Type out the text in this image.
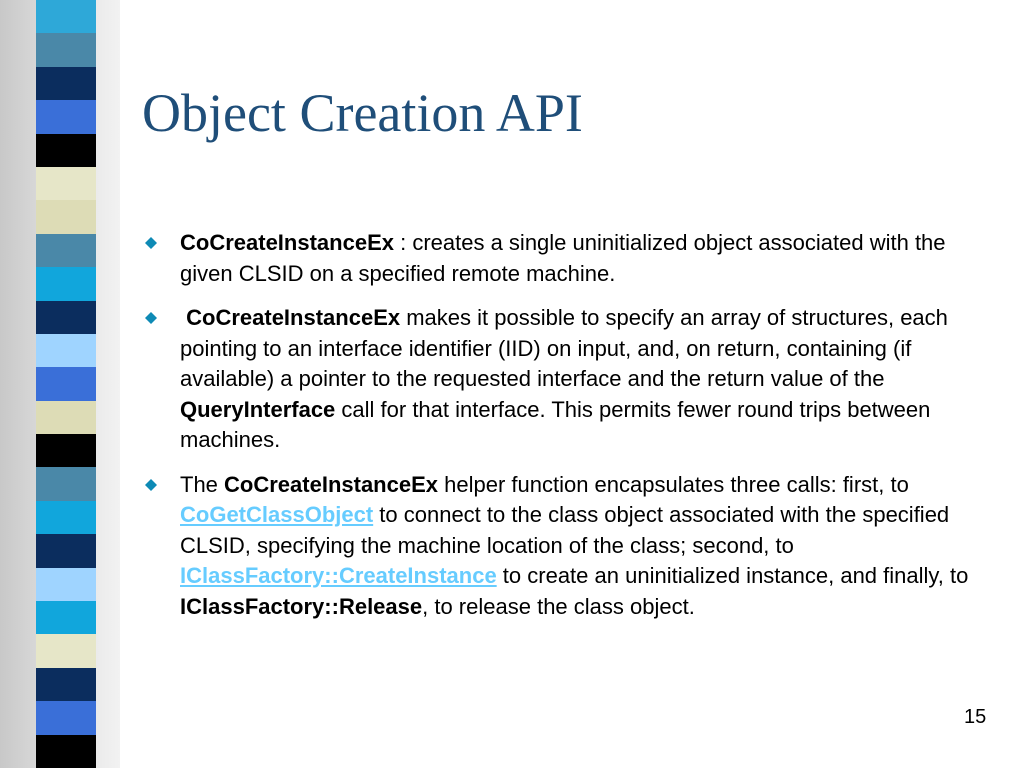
Object Creation API
CoCreateInstanceEx : creates a single uninitialized object associated with the given CLSID on a specified remote machine.
CoCreateInstanceEx makes it possible to specify an array of structures, each pointing to an interface identifier (IID) on input, and, on return, containing (if available) a pointer to the requested interface and the return value of the QueryInterface call for that interface. This permits fewer round trips between machines.
The CoCreateInstanceEx helper function encapsulates three calls: first, to CoGetClassObject to connect to the class object associated with the specified CLSID, specifying the machine location of the class; second, to IClassFactory::CreateInstance to create an uninitialized instance, and finally, to IClassFactory::Release, to release the class object.
15
